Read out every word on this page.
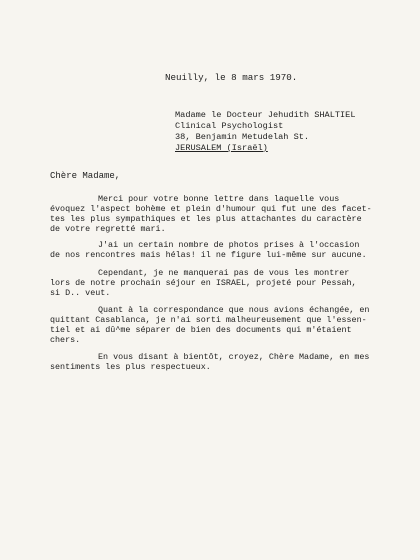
Neuilly, le 8 mars 1970.
Madame le Docteur Jehudith SHALTIEL
Clinical Psychologist
38, Benjamin Metudelah St.
JERUSALEM (Israël)
Chère Madame,
Merci pour votre bonne lettre dans laquelle vous
évoquez l'aspect bohème et plein d'humour qui fut une des facet-
tes les plus sympathiques et les plus attachantes du caractère
de votre regretté mari.
J'ai un certain nombre de photos prises à l'occasion
de nos rencontres mais hélas! il ne figure lui-même sur aucune.
Cependant, je ne manquerai pas de vous les montrer
lors de notre prochain séjour en ISRAEL, projeté pour Pessah,
si D.. veut.
Quant à la correspondance que nous avions échangée, en
quittant Casablanca, je n'ai sorti malheureusement que l'essen-
tiel et ai dû^me séparer de bien des documents qui m'étaient
chers.
En vous disant à bientôt, croyez, Chère Madame, en mes
sentiments les plus respectueux.
